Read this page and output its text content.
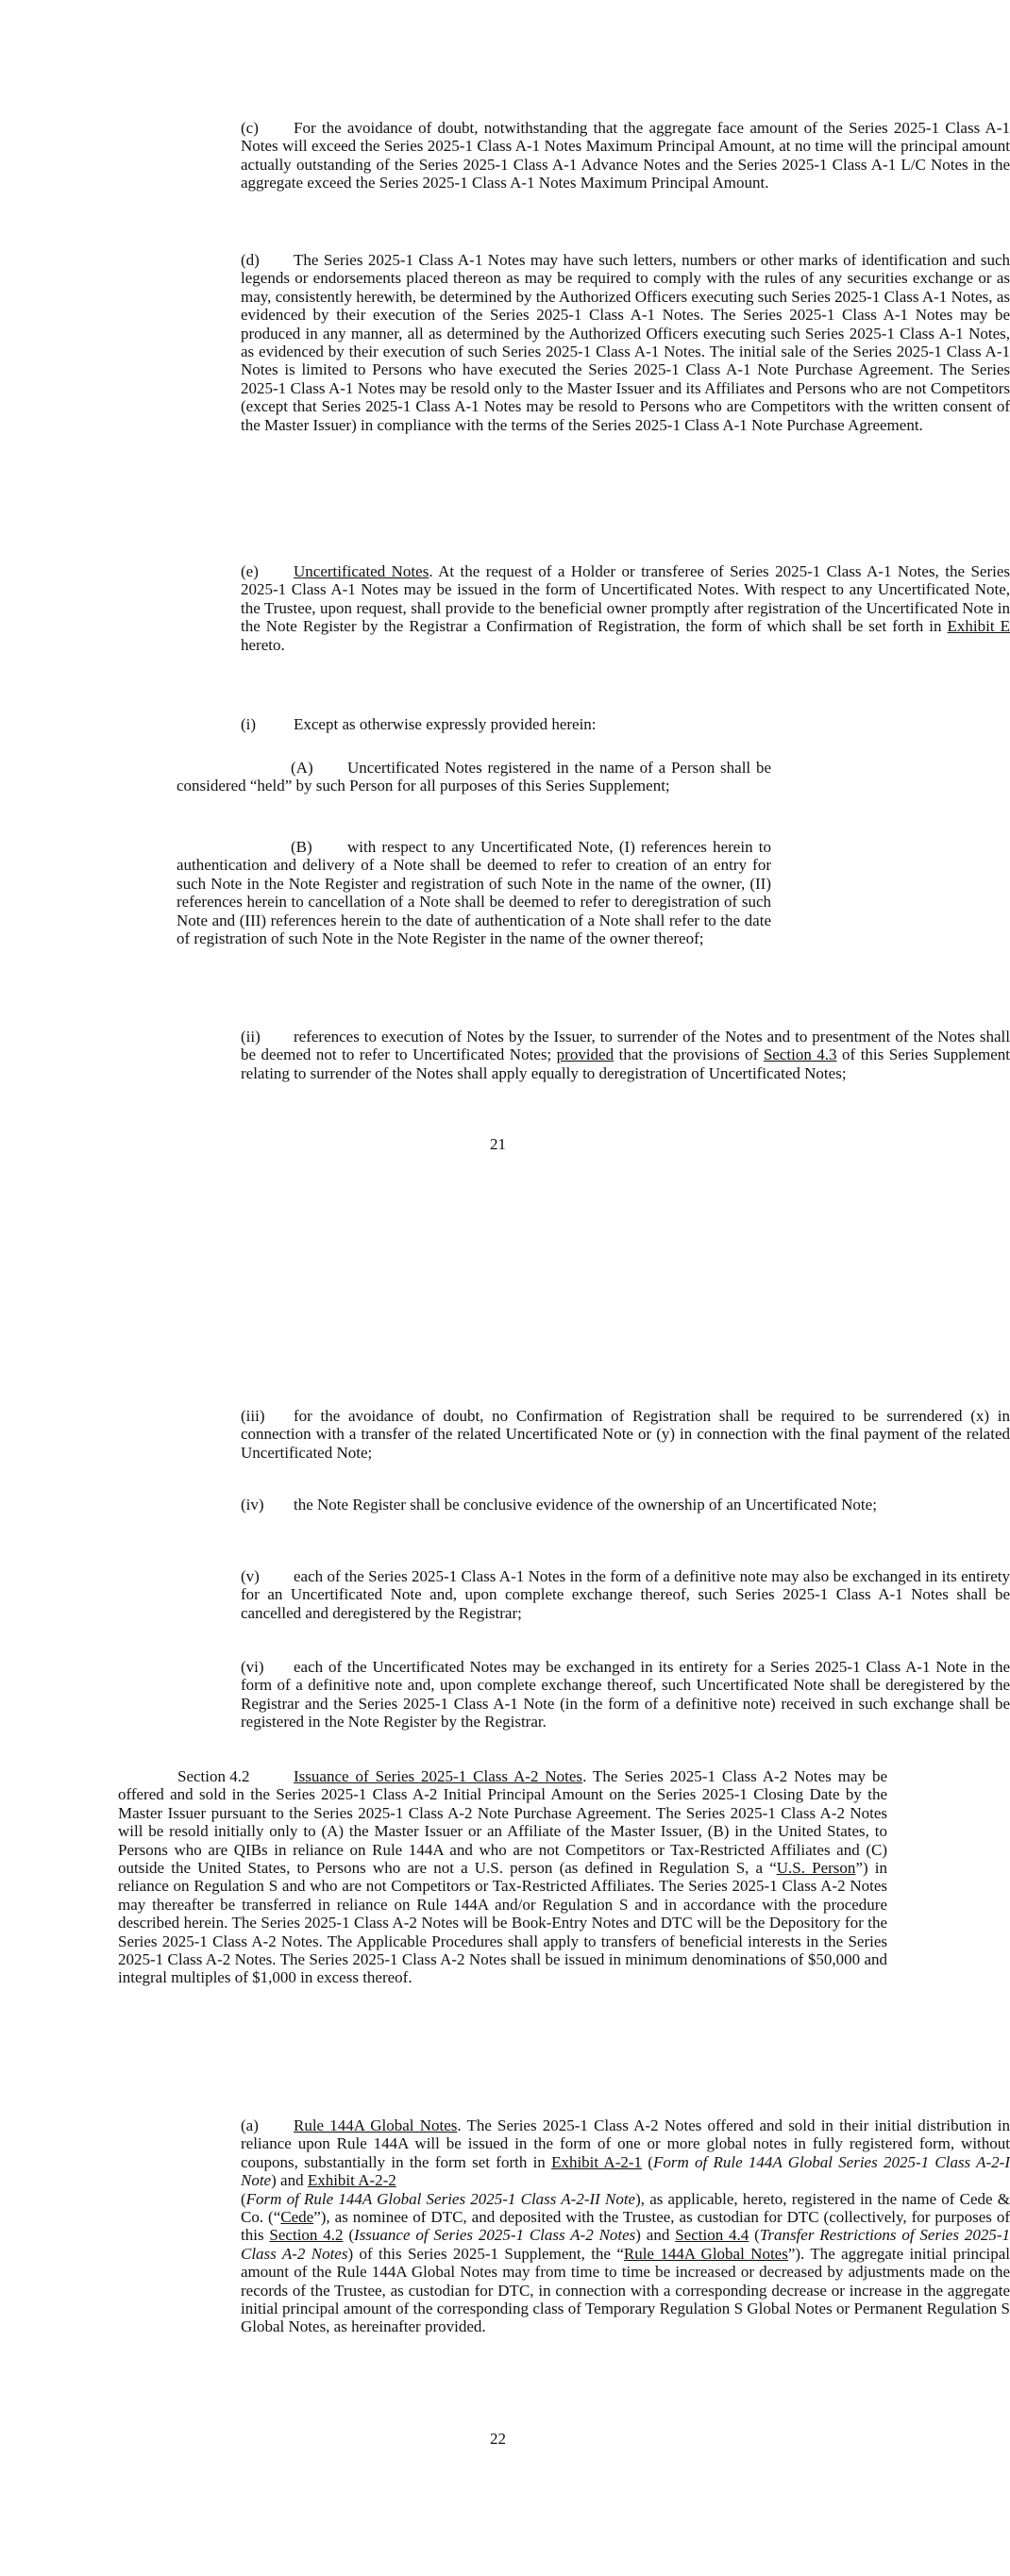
(c) For the avoidance of doubt, notwithstanding that the aggregate face amount of the Series 2025-1 Class A-1 Notes will exceed the Series 2025-1 Class A-1 Notes Maximum Principal Amount, at no time will the principal amount actually outstanding of the Series 2025-1 Class A-1 Advance Notes and the Series 2025-1 Class A-1 L/C Notes in the aggregate exceed the Series 2025-1 Class A-1 Notes Maximum Principal Amount.

(d) The Series 2025-1 Class A-1 Notes may have such letters, numbers or other marks of identification and such legends or endorsements placed thereon as may be required to comply with the rules of any securities exchange or as may, consistently herewith, be determined by the Authorized Officers executing such Series 2025-1 Class A-1 Notes, as evidenced by their execution of the Series 2025-1 Class A-1 Notes. The Series 2025-1 Class A-1 Notes may be produced in any manner, all as determined by the Authorized Officers executing such Series 2025-1 Class A-1 Notes, as evidenced by their execution of such Series 2025-1 Class A-1 Notes. The initial sale of the Series 2025-1 Class A-1 Notes is limited to Persons who have executed the Series 2025-1 Class A-1 Note Purchase Agreement. The Series 2025-1 Class A-1 Notes may be resold only to the Master Issuer and its Affiliates and Persons who are not Competitors (except that Series 2025-1 Class A-1 Notes may be resold to Persons who are Competitors with the written consent of the Master Issuer) in compliance with the terms of the Series 2025-1 Class A-1 Note Purchase Agreement.

(e) Uncertificated Notes. At the request of a Holder or transferee of Series 2025-1 Class A-1 Notes, the Series 2025-1 Class A-1 Notes may be issued in the form of Uncertificated Notes. With respect to any Uncertificated Note, the Trustee, upon request, shall provide to the beneficial owner promptly after registration of the Uncertificated Note in the Note Register by the Registrar a Confirmation of Registration, the form of which shall be set forth in Exhibit E hereto.

(i) Except as otherwise expressly provided herein:

(A) Uncertificated Notes registered in the name of a Person shall be considered “held” by such Person for all purposes of this Series Supplement;

(B) with respect to any Uncertificated Note, (I) references herein to authentication and delivery of a Note shall be deemed to refer to creation of an entry for such Note in the Note Register and registration of such Note in the name of the owner, (II) references herein to cancellation of a Note shall be deemed to refer to deregistration of such Note and (III) references herein to the date of authentication of a Note shall refer to the date of registration of such Note in the Note Register in the name of the owner thereof;

(ii) references to execution of Notes by the Issuer, to surrender of the Notes and to presentment of the Notes shall be deemed not to refer to Uncertificated Notes; provided that the provisions of Section 4.3 of this Series Supplement relating to surrender of the Notes shall apply equally to deregistration of Uncertificated Notes;

21

(iii) for the avoidance of doubt, no Confirmation of Registration shall be required to be surrendered (x) in connection with a transfer of the related Uncertificated Note or (y) in connection with the final payment of the related Uncertificated Note;

(iv) the Note Register shall be conclusive evidence of the ownership of an Uncertificated Note;

(v) each of the Series 2025-1 Class A-1 Notes in the form of a definitive note may also be exchanged in its entirety for an Uncertificated Note and, upon complete exchange thereof, such Series 2025-1 Class A-1 Notes shall be cancelled and deregistered by the Registrar;

(vi) each of the Uncertificated Notes may be exchanged in its entirety for a Series 2025-1 Class A-1 Note in the form of a definitive note and, upon complete exchange thereof, such Uncertificated Note shall be deregistered by the Registrar and the Series 2025-1 Class A-1 Note (in the form of a definitive note) received in such exchange shall be registered in the Note Register by the Registrar.

Section 4.2	Issuance of Series 2025-1 Class A-2 Notes. The Series 2025-1 Class A-2 Notes may be offered and sold in the Series 2025-1 Class A-2 Initial Principal Amount on the Series 2025-1 Closing Date by the Master Issuer pursuant to the Series 2025-1 Class A-2 Note Purchase Agreement. The Series 2025-1 Class A-2 Notes will be resold initially only to (A) the Master Issuer or an Affiliate of the Master Issuer, (B) in the United States, to Persons who are QIBs in reliance on Rule 144A and who are not Competitors or Tax-Restricted Affiliates and (C) outside the United States, to Persons who are not a U.S. person (as defined in Regulation S, a “U.S. Person”) in reliance on Regulation S and who are not Competitors or Tax-Restricted Affiliates. The Series 2025-1 Class A-2 Notes may thereafter be transferred in reliance on Rule 144A and/or Regulation S and in accordance with the procedure described herein. The Series 2025-1 Class A-2 Notes will be Book-Entry Notes and DTC will be the Depository for the Series 2025-1 Class A-2 Notes. The Applicable Procedures shall apply to transfers of beneficial interests in the Series 2025-1 Class A-2 Notes. The Series 2025-1 Class A-2 Notes shall be issued in minimum denominations of $50,000 and integral multiples of $1,000 in excess thereof.

(a) Rule 144A Global Notes. The Series 2025-1 Class A-2 Notes offered and sold in their initial distribution in reliance upon Rule 144A will be issued in the form of one or more global notes in fully registered form, without coupons, substantially in the form set forth in Exhibit A-2-1 (Form of Rule 144A Global Series 2025-1 Class A-2-I Note) and Exhibit A-2-2
(Form of Rule 144A Global Series 2025-1 Class A-2-II Note), as applicable, hereto, registered in the name of Cede & Co. (“Cede”), as nominee of DTC, and deposited with the Trustee, as custodian for DTC (collectively, for purposes of this Section 4.2 (Issuance of Series 2025-1 Class A-2 Notes) and Section 4.4 (Transfer Restrictions of Series 2025-1 Class A-2 Notes) of this Series 2025-1 Supplement, the “Rule 144A Global Notes”). The aggregate initial principal amount of the Rule 144A Global Notes may from time to time be increased or decreased by adjustments made on the records of the Trustee, as custodian for DTC, in connection with a corresponding decrease or increase in the aggregate initial principal amount of the corresponding class of Temporary Regulation S Global Notes or Permanent Regulation S Global Notes, as hereinafter provided.

22
